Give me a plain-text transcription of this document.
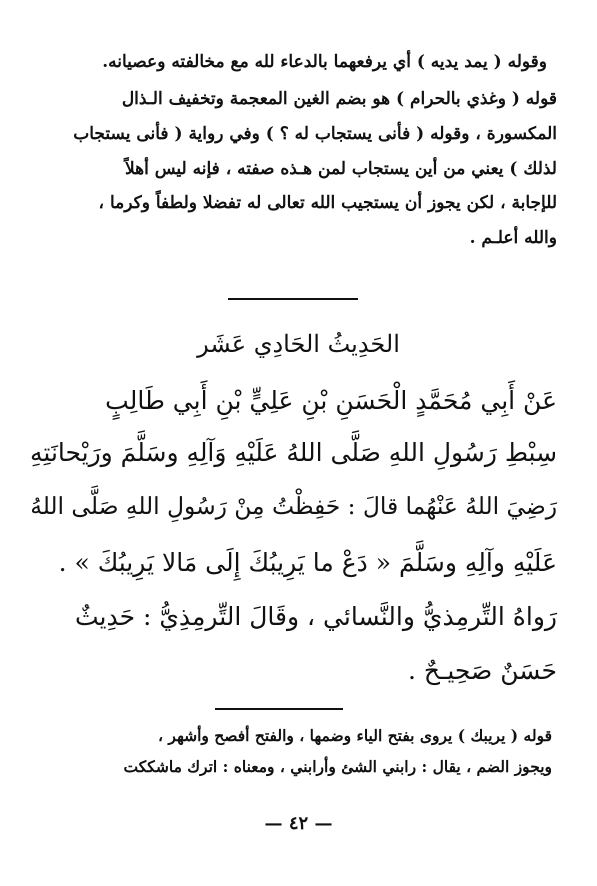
وقوله ( يمد يديه ) أي يرفعهما بالدعاء لله مع مخالفته وعصيانه.
قوله ( وغذي بالحرام ) هو بضم الغين المعجمة وتخفيف الـذال
المكسورة ، وقوله ( فأنى يستجاب له ؟ ) وفي رواية ( فأنى يستجاب
لذلك ) يعني من أين يستجاب لمن هـذه صفته ، فإنه ليس أهلاً
للإجابة ، لكن يجوز أن يستجيب الله تعالى له تفضلا ولطفاً وكرما ،
والله أعلـم .
الحَدِيثُ الحَادِي عَشَر
عَنْ أَبِي مُحَمَّدٍ الْحَسَنِ بْنِ عَلِيٍّ بْنِ أَبِي طَالِبٍ
سِبْطِ رَسُولِ اللهِ صَلَّى اللهُ عَلَيْهِ وَآلِهِ وسَلَّمَ ورَيْحانَتِهِ
رَضِيَ اللهُ عَنْهُما قالَ : حَفِظْتُ مِنْ رَسُولِ اللهِ صَلَّى اللهُ
عَلَيْهِ وآلِهِ وسَلَّمَ « دَعْ ما يَرِيبُكَ إِلَى مَالا يَرِيبُكَ » .
رَواهُ التِّرمِذيُّ والنَّسائي ، وقَالَ التِّرمِذِيُّ : حَدِيثٌ
حَسَنٌ صَحِيـحٌ .
قوله ( يريبك ) يروى بفتح الياء وضمها ، والفتح أفصح وأشهر ،
ويجوز الضم ، يقال : رابني الشئ وأرابني ، ومعناه : اترك ماشككت
— ٤٢ —
